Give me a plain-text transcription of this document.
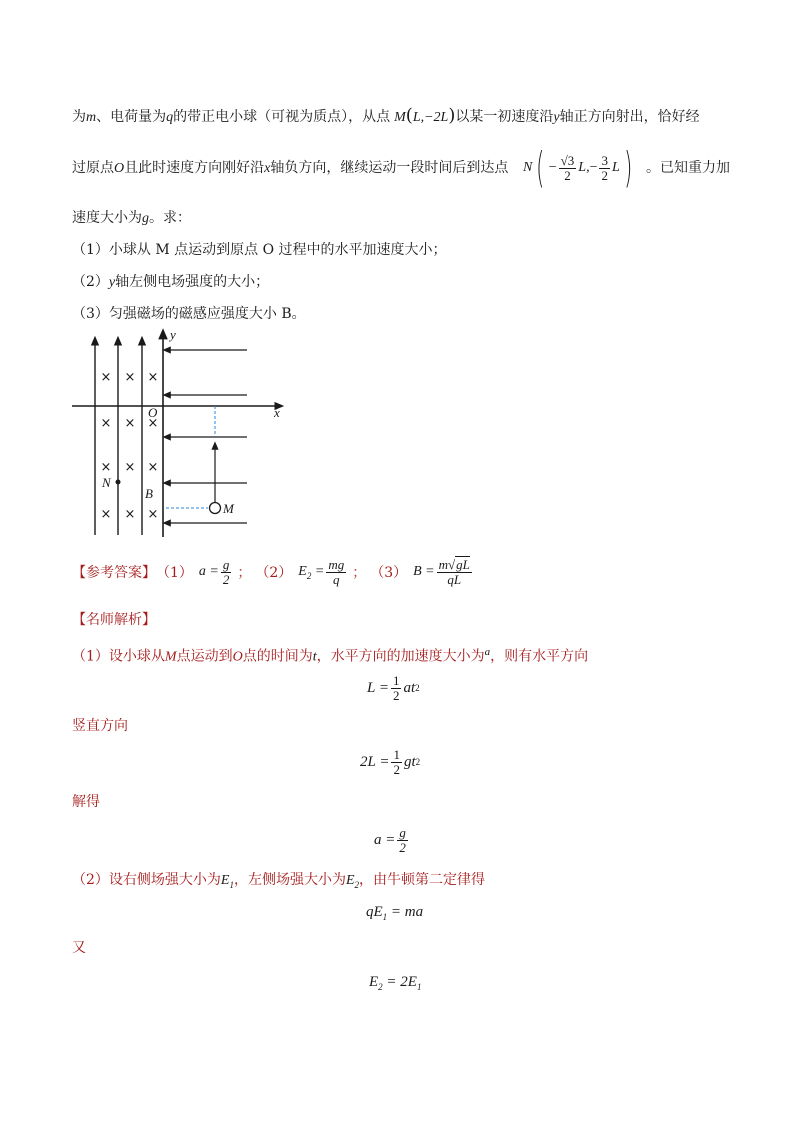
为m、电荷量为q的带正电小球（可视为质点），从点 M(L,−2L)以某一初速度沿y轴正方向射出，恰好经
过原点O且此时速度方向刚好沿x轴负方向，继续运动一段时间后到达点 N ( − $\frac{√3}{2} L$, − $\frac{3}{2}$ L ) 。已知重力加
速度大小为g。求：
（1）小球从 M 点运动到原点 O 过程中的水平加速度大小；
（2）y轴左侧电场强度的大小；
（3）匀强磁场的磁感应强度大小 B。
× × ×
× × ×
× × ×
× × ×
y
x
O
N
B
M
【参考答案】 （1） $a = \frac{g}{2}$ ； （2） $E_2 = \frac{mg}{q}$ ； （3） $B = \frac{m√gL}{qL}$
【名师解析】
（1）设小球从M点运动到O点的时间为t，水平方向的加速度大小为$^a$，则有水平方向
$L = \frac{1}{2}$ at 2
竖直方向
$2L = \frac{1}{2}$ gt 2
解得
$a = \frac{g}{2}$
（2）设右侧场强大小为$E_1$，左侧场强大小为$E_2$，由牛顿第二定律得
$qE_1$ = ma
又
$E_2 = 2E_1$
